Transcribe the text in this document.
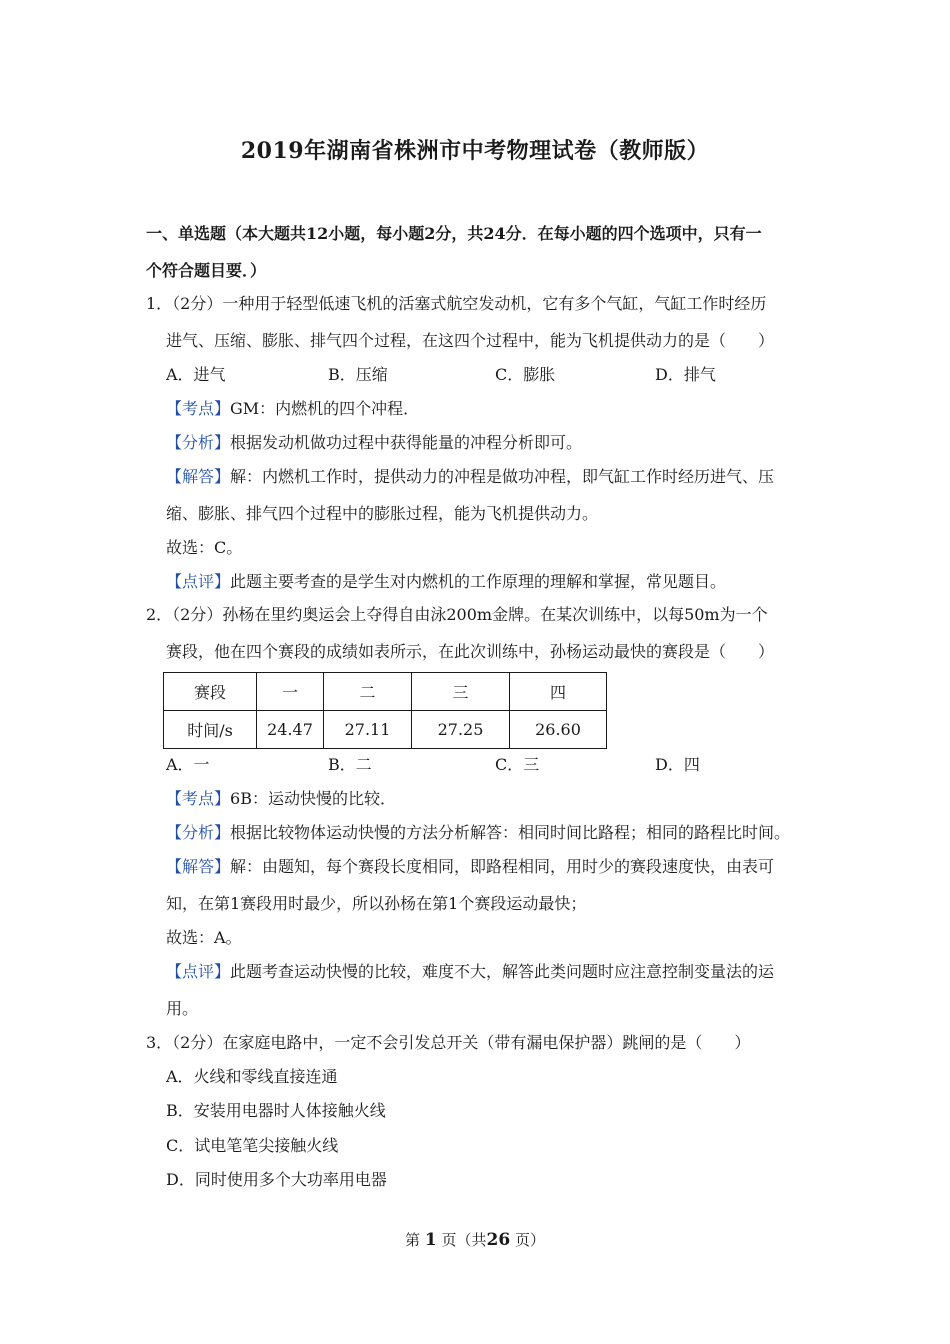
2019年湖南省株洲市中考物理试卷（教师版）
一、单选题（本大题共12小题，每小题2分，共24分．在每小题的四个选项中，只有一
个符合题目要．）
1．（2分）一种用于轻型低速飞机的活塞式航空发动机，它有多个气缸，气缸工作时经历
进气、压缩、膨胀、排气四个过程，在这四个过程中，能为飞机提供动力的是（　　）
A．进气	B．压缩	C．膨胀	D．排气
【考点】GM：内燃机的四个冲程．
【分析】根据发动机做功过程中获得能量的冲程分析即可。
【解答】解：内燃机工作时，提供动力的冲程是做功冲程，即气缸工作时经历进气、压
缩、膨胀、排气四个过程中的膨胀过程，能为飞机提供动力。
故选：C。
【点评】此题主要考查的是学生对内燃机的工作原理的理解和掌握，常见题目。
2．（2分）孙杨在里约奥运会上夺得自由泳200m金牌。在某次训练中，以每50m为一个
赛段，他在四个赛段的成绩如表所示，在此次训练中，孙杨运动最快的赛段是（　　）
赛段	一	二	三	四
时间/s	24.47	27.11	27.25	26.60
A．一	B．二	C．三	D．四
【考点】6B：运动快慢的比较．
【分析】根据比较物体运动快慢的方法分析解答：相同时间比路程；相同的路程比时间。
【解答】解：由题知，每个赛段长度相同，即路程相同，用时少的赛段速度快，由表可
知，在第1赛段用时最少，所以孙杨在第1个赛段运动最快；
故选：A。
【点评】此题考查运动快慢的比较，难度不大，解答此类问题时应注意控制变量法的运
用。
3．（2分）在家庭电路中，一定不会引发总开关（带有漏电保护器）跳闸的是（　　）
A．火线和零线直接连通
B．安装用电器时人体接触火线
C．试电笔笔尖接触火线
D．同时使用多个大功率用电器
第 1 页（共26 页）
